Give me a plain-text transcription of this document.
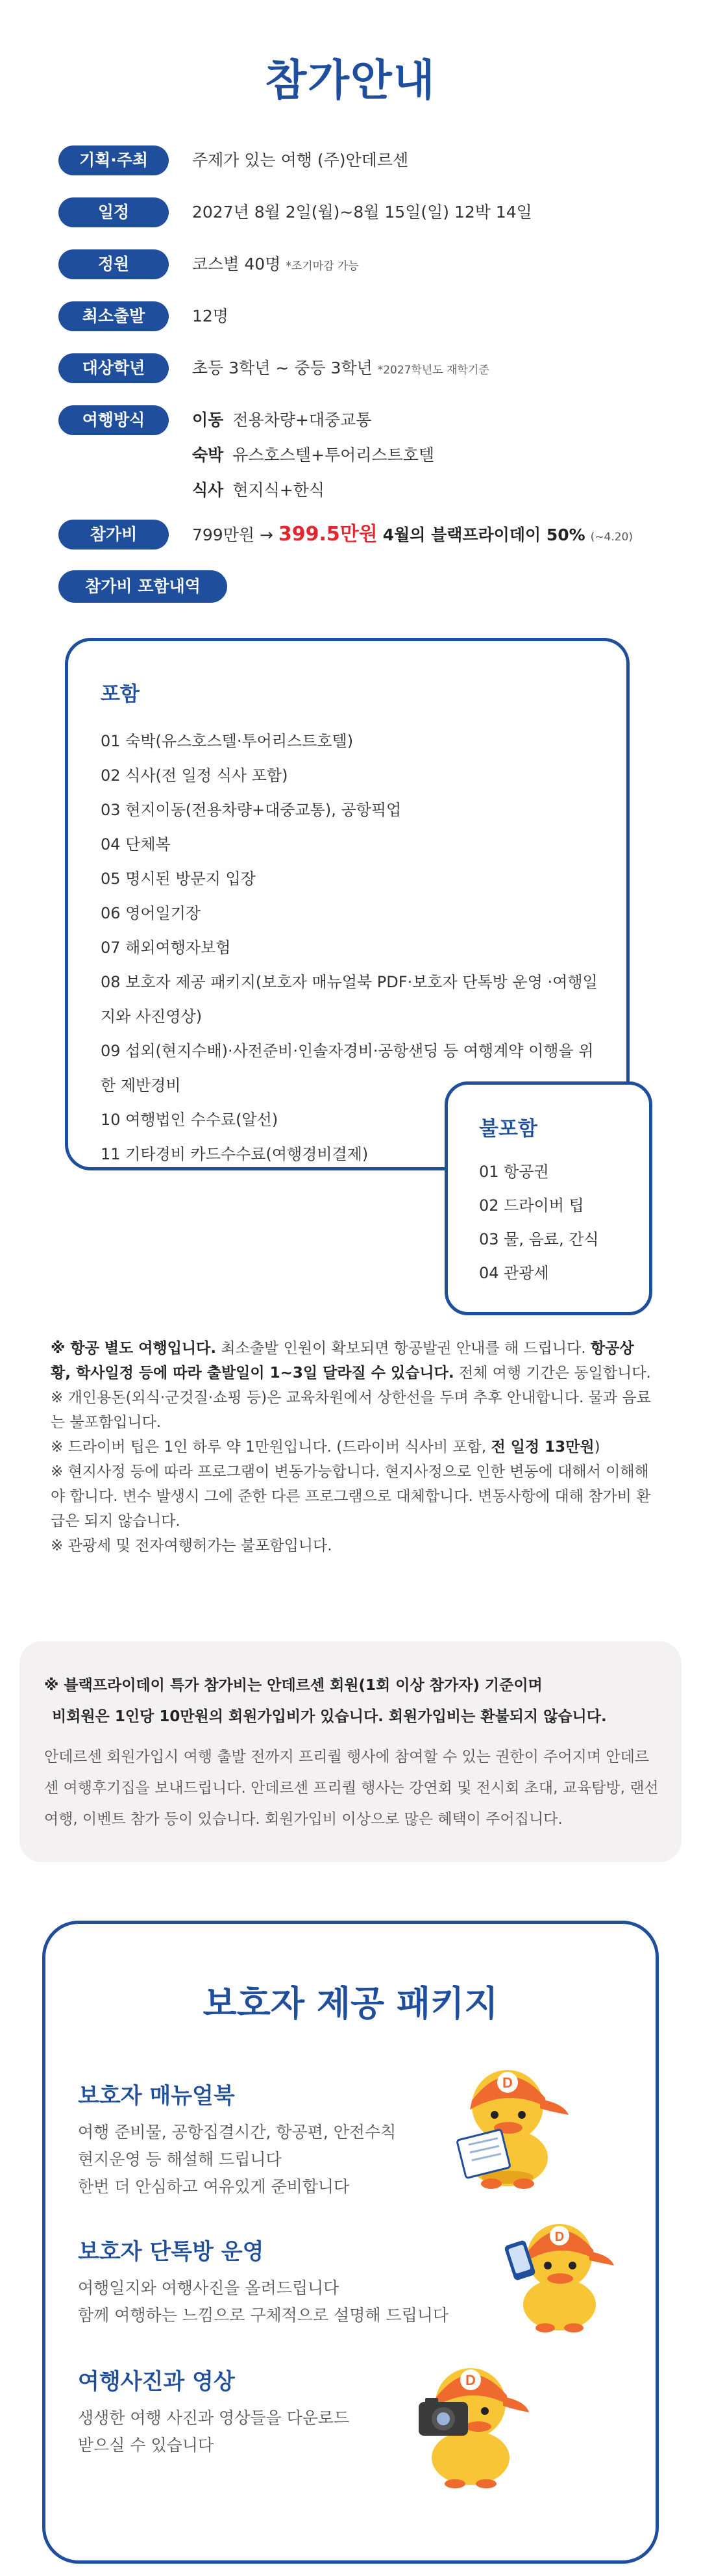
참가안내
기획·주최	주제가 있는 여행 (주)안데르센
일정	2027년 8월 2일(월)~8월 15일(일) 12박 14일
정원	코스별 40명 *조기마감 가능
최소출발	12명
대상학년	초등 3학년 ~ 중등 3학년 *2027학년도 재학기준
여행방식	이동 전용차량+대중교통
숙박 유스호스텔+투어리스트호텔
식사 현지식+한식
참가비	799만원 → 399.5만원 4월의 블랙프라이데이 50% (~4.20)
참가비 포함내역
포함
01 숙박(유스호스텔·투어리스트호텔)
02 식사(전 일정 식사 포함)
03 현지이동(전용차량+대중교통), 공항픽업
04 단체복
05 명시된 방문지 입장
06 영어일기장
07 해외여행자보험
08 보호자 제공 패키지(보호자 매뉴얼북 PDF·보호자 단톡방 운영 ·여행일지와 사진영상)
09 섭외(현지수배)·사전준비·인솔자경비·공항샌딩 등 여행계약 이행을 위한 제반경비
10 여행법인 수수료(알선)
11 기타경비 카드수수료(여행경비결제)
불포함
01 항공권
02 드라이버 팁
03 물, 음료, 간식
04 관광세

※ 항공 별도 여행입니다. 최소출발 인원이 확보되면 항공발권 안내를 해 드립니다. 항공상황, 학사일정 등에 따라 출발일이 1~3일 달라질 수 있습니다. 전체 여행 기간은 동일합니다.

※ 개인용돈(외식·군것질·쇼핑 등)은 교육차원에서 상한선을 두며 추후 안내합니다. 물과 음료는 불포함입니다.

※ 드라이버 팁은 1인 하루 약 1만원입니다. (드라이버 식사비 포함, 전 일정 13만원)

※ 현지사정 등에 따라 프로그램이 변동가능합니다. 현지사정으로 인한 변동에 대해서 이해해야 합니다. 변수 발생시 그에 준한 다른 프로그램으로 대체합니다. 변동사항에 대해 참가비 환급은 되지 않습니다.

※ 관광세 및 전자여행허가는 불포함입니다.

※ 블랙프라이데이 특가 참가비는 안데르센 회원(1회 이상 참가자) 기준이며
비회원은 1인당 10만원의 회원가입비가 있습니다. 회원가입비는 환불되지 않습니다.
안데르센 회원가입시 여행 출발 전까지 프리퀄 행사에 참여할 수 있는 권한이 주어지며 안데르센 여행후기집을 보내드립니다. 안데르센 프리퀄 행사는 강연회 및 전시회 초대, 교육탐방, 랜선여행, 이벤트 참가 등이 있습니다. 회원가입비 이상으로 많은 혜택이 주어집니다.
보호자 제공 패키지
보호자 매뉴얼북
여행 준비물, 공항집결시간, 항공편, 안전수칙
현지운영 등 해설해 드립니다
한번 더 안심하고 여유있게 준비합니다
보호자 단톡방 운영
여행일지와 여행사진을 올려드립니다
함께 여행하는 느낌으로 구체적으로 설명해 드립니다
여행사진과 영상
생생한 여행 사진과 영상들을 다운로드
받으실 수 있습니다
D
D
D
